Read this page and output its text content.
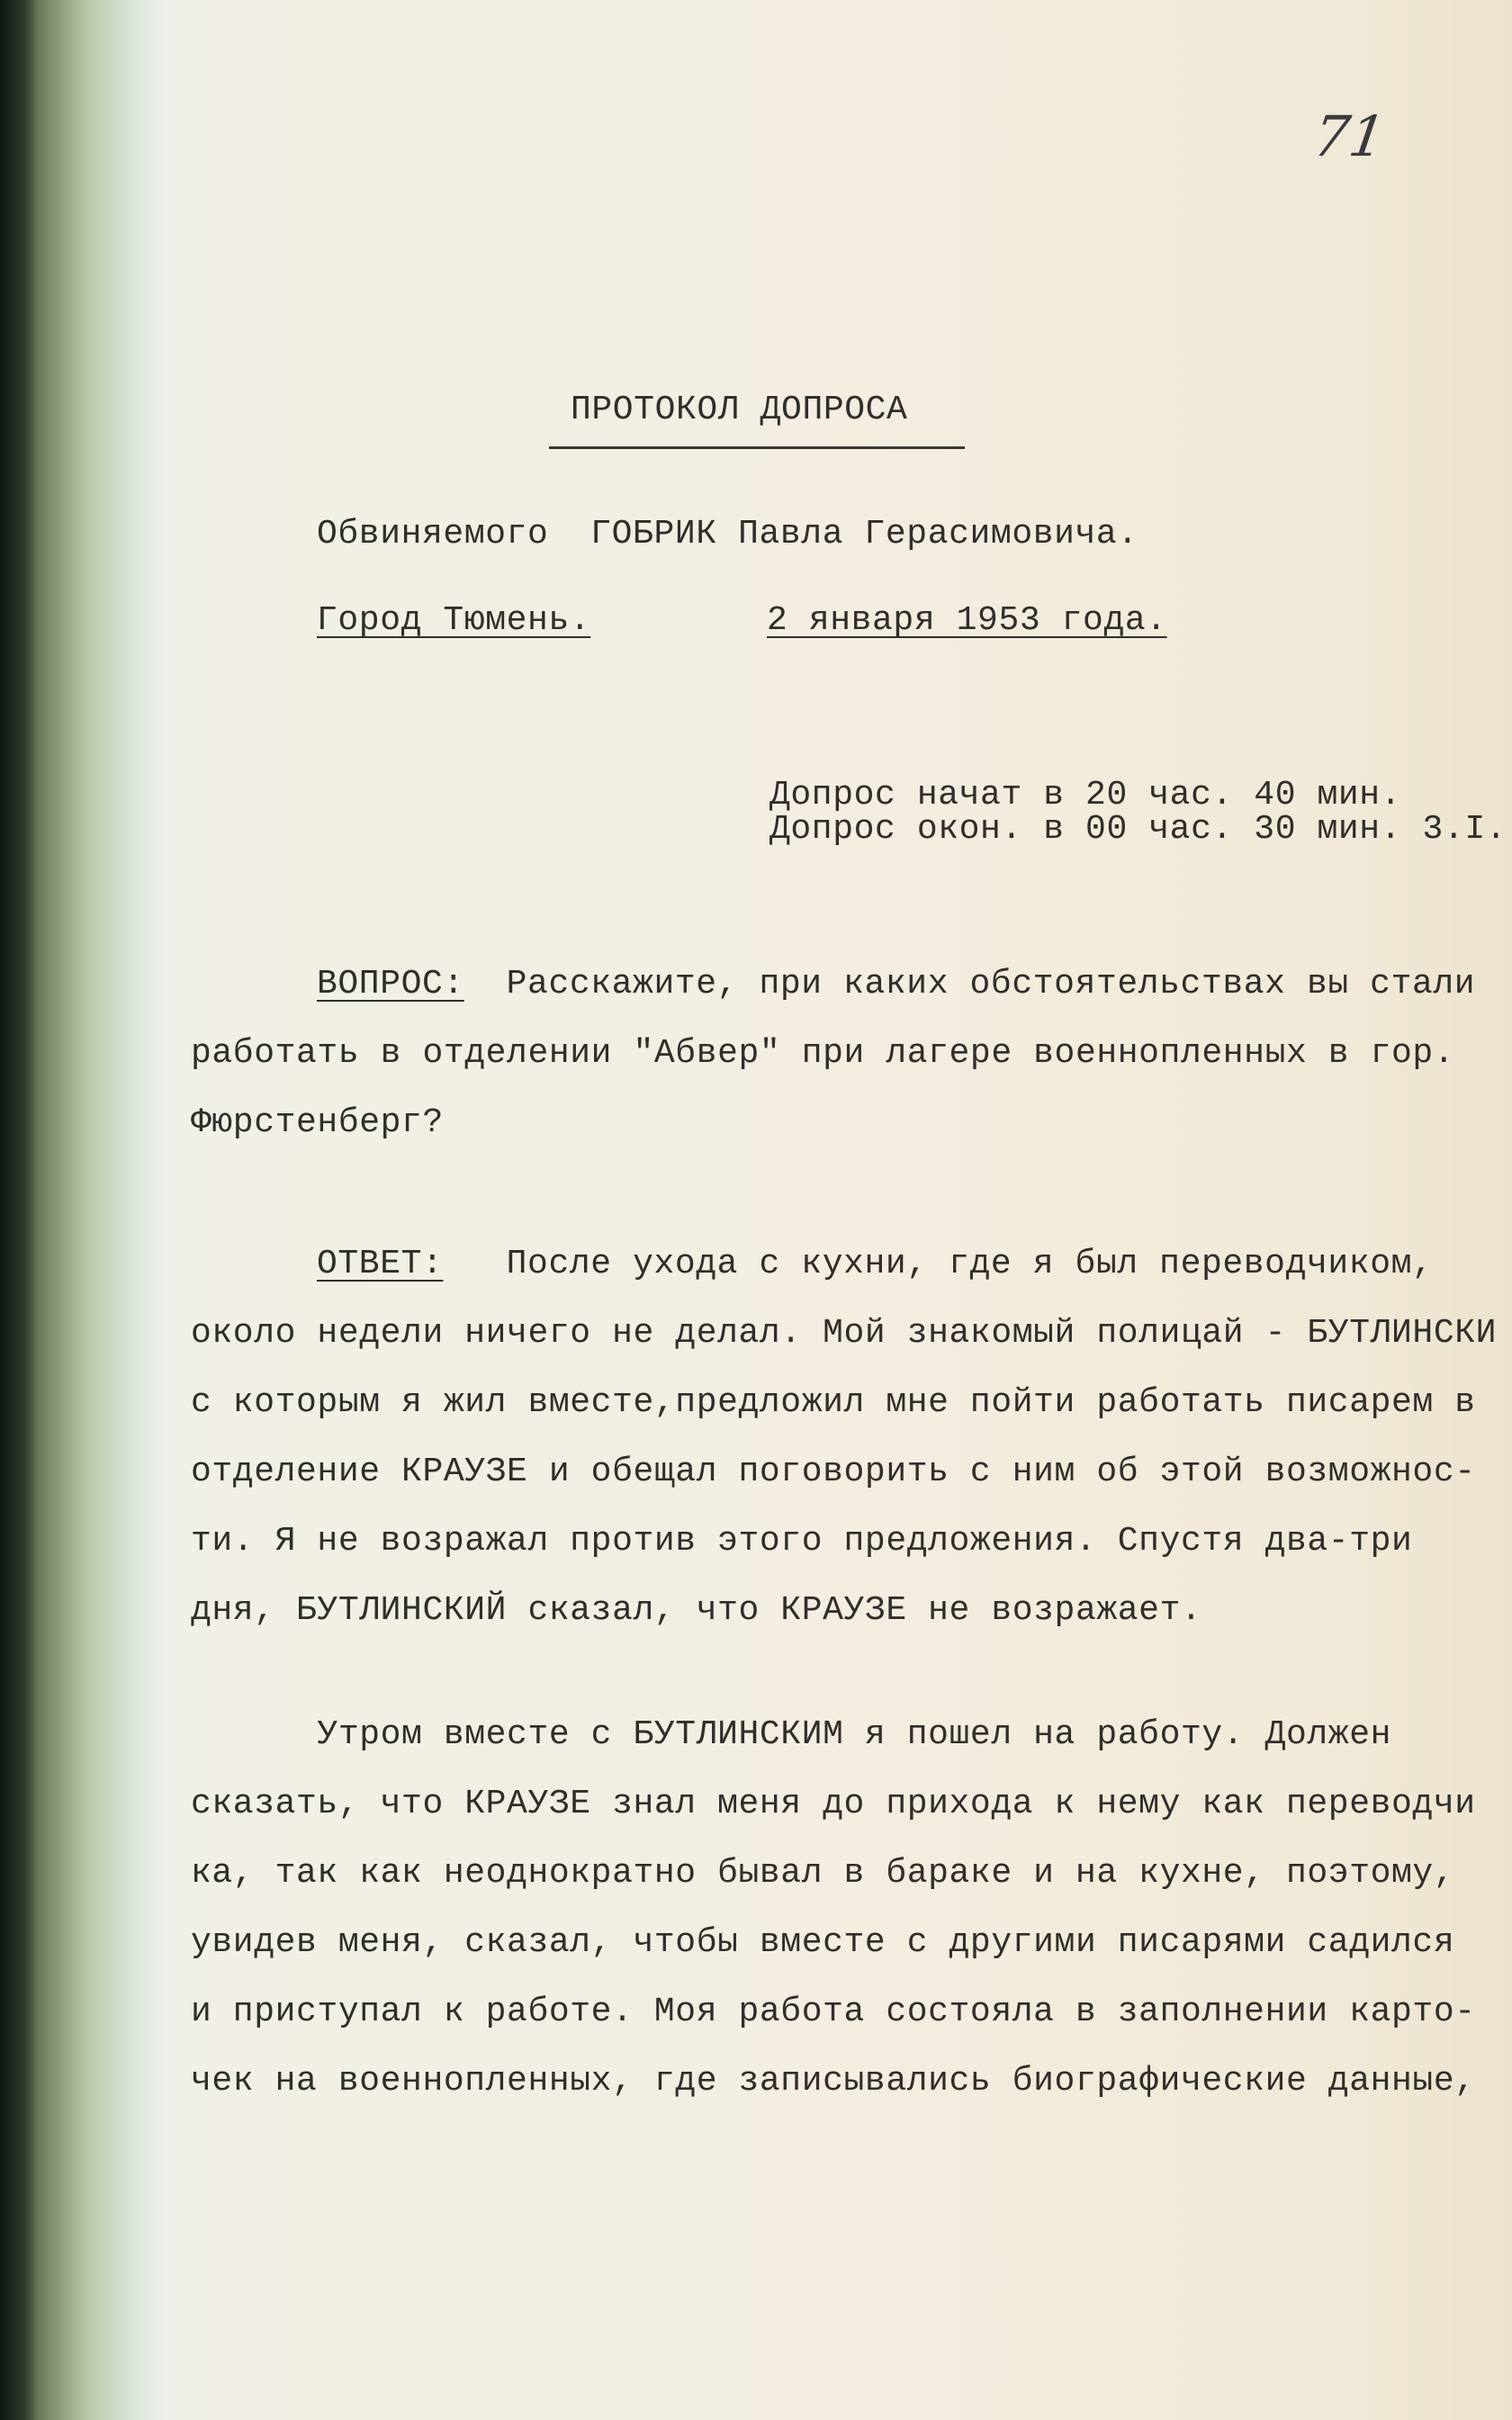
71
ПРОТОКОЛ ДОПРОСА
Обвиняемого  ГОБРИК Павла Герасимовича.
Город Тюмень.	2 января 1953 года.
Допрос начат в 20 час. 40 мин.
Допрос окон. в 00 час. 30 мин. 3.I.
ВОПРОС:  Расскажите, при каких обстоятельствах вы стали
работать в отделении "Абвер" при лагере военнопленных в гор.
Фюрстенберг?
ОТВЕТ:   После ухода с кухни, где я был переводчиком,
около недели ничего не делал. Мой знакомый полицай - БУТЛИНСКИ
с которым я жил вместе,предложил мне пойти работать писарем в
отделение КРАУЗЕ и обещал поговорить с ним об этой возможнос-
ти. Я не возражал против этого предложения. Спустя два-три
дня, БУТЛИНСКИЙ сказал, что КРАУЗЕ не возражает.
Утром вместе с БУТЛИНСКИМ я пошел на работу. Должен
сказать, что КРАУЗЕ знал меня до прихода к нему как переводчи
ка, так как неоднократно бывал в бараке и на кухне, поэтому,
увидев меня, сказал, чтобы вместе с другими писарями садился
и приступал к работе. Моя работа состояла в заполнении карто-
чек на военнопленных, где записывались биографические данные,
